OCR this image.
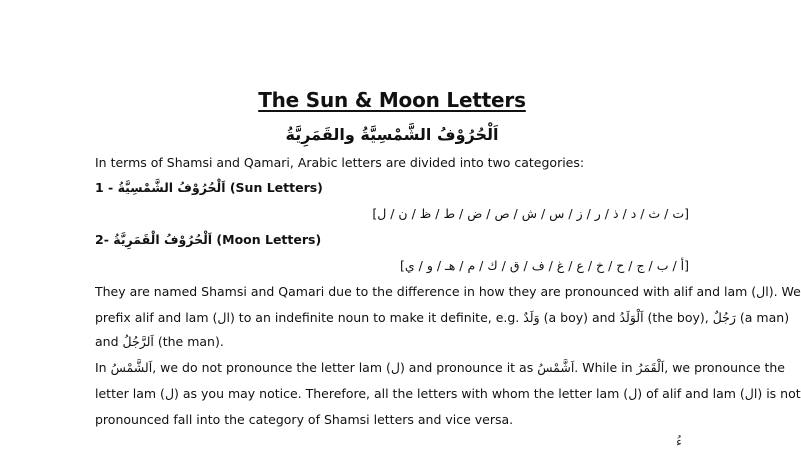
The Sun & Moon Letters
اَلْحُرُوْفُ الشَّمْسِيَّةُ والقَمَرِيَّةُ
In terms of Shamsi and Qamari, Arabic letters are divided into two categories:
1 - اَلْحُرُوْفُ الشَّمْسِيَّةُ (Sun Letters)
[ت / ث / د / ذ / ر / ز / س / ش / ص / ض / ط / ظ / ن / ل]
2- اَلْحُرُوْفُ الْقَمَرِيَّةُ (Moon Letters)
[أ / ب / ج / ح / خ / ع / غ / ف / ق / ك / م / هـ / و / ي]
They are named Shamsi and Qamari due to the difference in how they are pronounced with alif and lam (ال). We
prefix alif and lam (ال) to an indefinite noun to make it definite, e.g. وَلَدٌ (a boy) and اَلْوَلَدُ (the boy), رَجُلٌ (a man)
and اَلرَّجُلُ (the man).
In اَلشَّمْسُ, we do not pronounce the letter lam (ل) and pronounce it as اَشَّمْسُ. While in اَلْقَمَرُ, we pronounce the
letter lam (ل) as you may notice. Therefore, all the letters with whom the letter lam (ل) of alif and lam (ال) is not
pronounced fall into the category of Shamsi letters and vice versa.
ءُ
